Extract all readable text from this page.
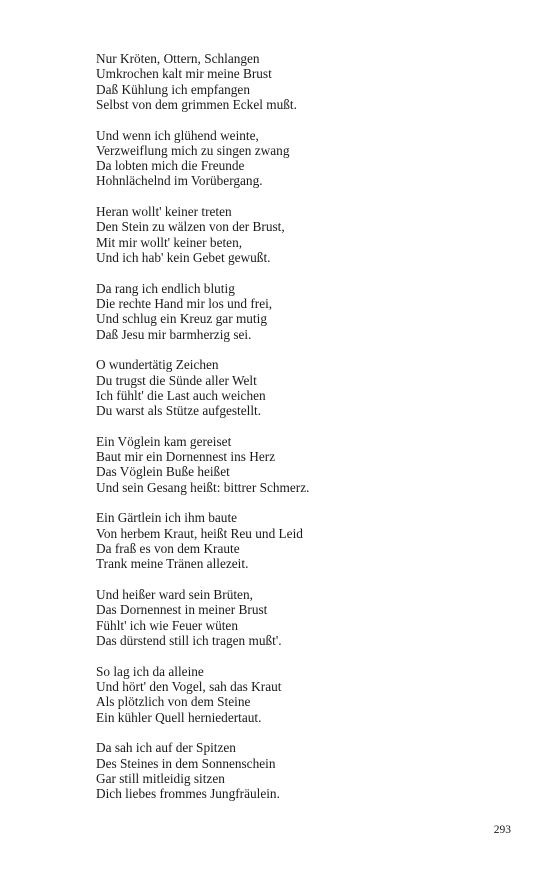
Nur Kröten, Ottern, Schlangen
Umkrochen kalt mir meine Brust
Daß Kühlung ich empfangen
Selbst von dem grimmen Eckel mußt.
Und wenn ich glühend weinte,
Verzweiflung mich zu singen zwang
Da lobten mich die Freunde
Hohnlächelnd im Vorübergang.
Heran wollt' keiner treten
Den Stein zu wälzen von der Brust,
Mit mir wollt' keiner beten,
Und ich hab' kein Gebet gewußt.
Da rang ich endlich blutig
Die rechte Hand mir los und frei,
Und schlug ein Kreuz gar mutig
Daß Jesu mir barmherzig sei.
O wundertätig Zeichen
Du trugst die Sünde aller Welt
Ich fühlt' die Last auch weichen
Du warst als Stütze aufgestellt.
Ein Vöglein kam gereiset
Baut mir ein Dornennest ins Herz
Das Vöglein Buße heißet
Und sein Gesang heißt: bittrer Schmerz.
Ein Gärtlein ich ihm baute
Von herbem Kraut, heißt Reu und Leid
Da fraß es von dem Kraute
Trank meine Tränen allezeit.
Und heißer ward sein Brüten,
Das Dornennest in meiner Brust
Fühlt' ich wie Feuer wüten
Das dürstend still ich tragen mußt'.
So lag ich da alleine
Und hört' den Vogel, sah das Kraut
Als plötzlich von dem Steine
Ein kühler Quell herniedertaut.
Da sah ich auf der Spitzen
Des Steines in dem Sonnenschein
Gar still mitleidig sitzen
Dich liebes frommes Jungfräulein.
293
